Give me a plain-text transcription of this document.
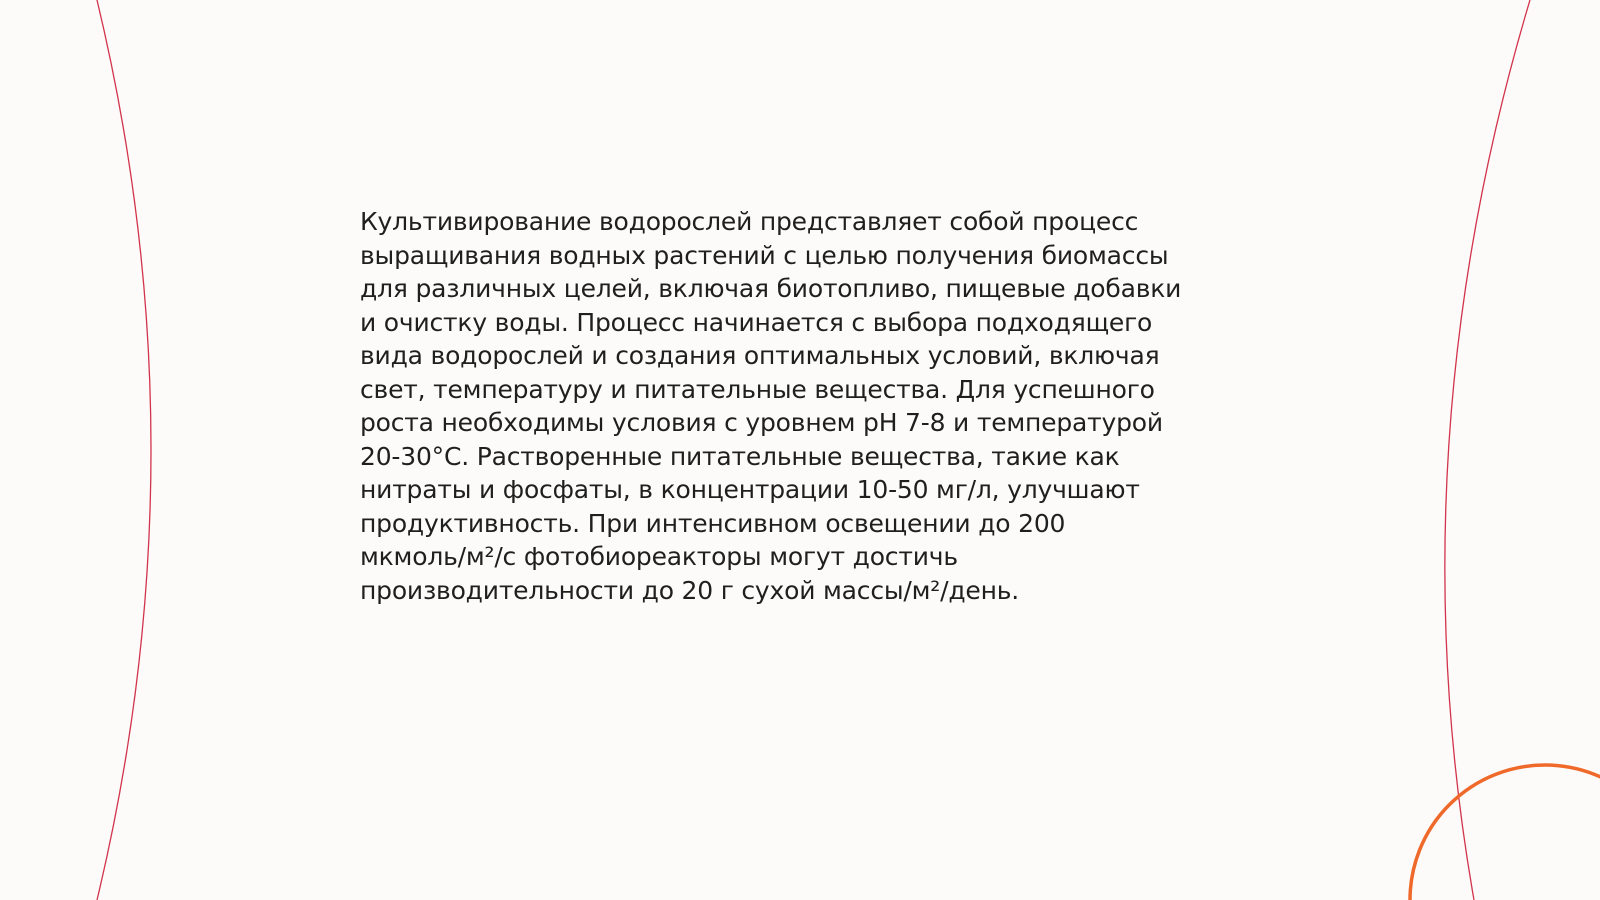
Культивирование водорослей представляет собой процесс
выращивания водных растений с целью получения биомассы
для различных целей, включая биотопливо, пищевые добавки
и очистку воды. Процесс начинается с выбора подходящего
вида водорослей и создания оптимальных условий, включая
свет, температуру и питательные вещества. Для успешного
роста необходимы условия с уровнем pH 7-8 и температурой
20-30°C. Растворенные питательные вещества, такие как
нитраты и фосфаты, в концентрации 10-50 мг/л, улучшают
продуктивность. При интенсивном освещении до 200
мкмоль/м²/с фотобиореакторы могут достичь
производительности до 20 г сухой массы/м²/день.
